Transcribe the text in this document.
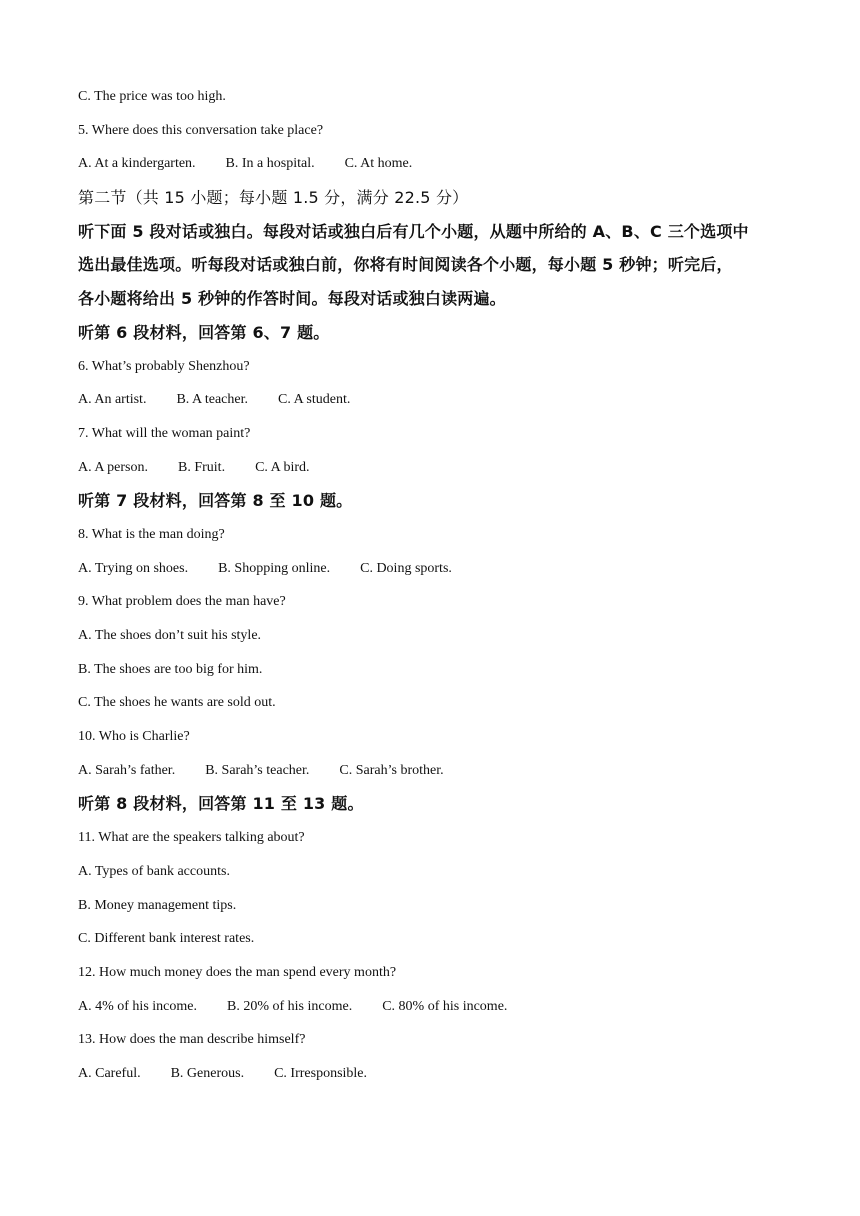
C. The price was too high.
5. Where does this conversation take place?
A. At a kindergarten. B. In a hospital. C. At home.
第二节（共 15 小题；每小题 1.5 分，满分 22.5 分）
听下面 5 段对话或独白。每段对话或独白后有几个小题，从题中所给的 A、B、C 三个选项中
选出最佳选项。听每段对话或独白前，你将有时间阅读各个小题，每小题 5 秒钟；听完后，
各小题将给出 5 秒钟的作答时间。每段对话或独白读两遍。
听第 6 段材料，回答第 6、7 题。
6. What’s probably Shenzhou?
A. An artist. B. A teacher. C. A student.
7. What will the woman paint?
A. A person. B. Fruit. C. A bird.
听第 7 段材料，回答第 8 至 10 题。
8. What is the man doing?
A. Trying on shoes. B. Shopping online. C. Doing sports.
9. What problem does the man have?
A. The shoes don’t suit his style.
B. The shoes are too big for him.
C. The shoes he wants are sold out.
10. Who is Charlie?
A. Sarah’s father. B. Sarah’s teacher. C. Sarah’s brother.
听第 8 段材料，回答第 11 至 13 题。
11. What are the speakers talking about?
A. Types of bank accounts.
B. Money management tips.
C. Different bank interest rates.
12. How much money does the man spend every month?
A. 4% of his income. B. 20% of his income. C. 80% of his income.
13. How does the man describe himself?
A. Careful. B. Generous. C. Irresponsible.
